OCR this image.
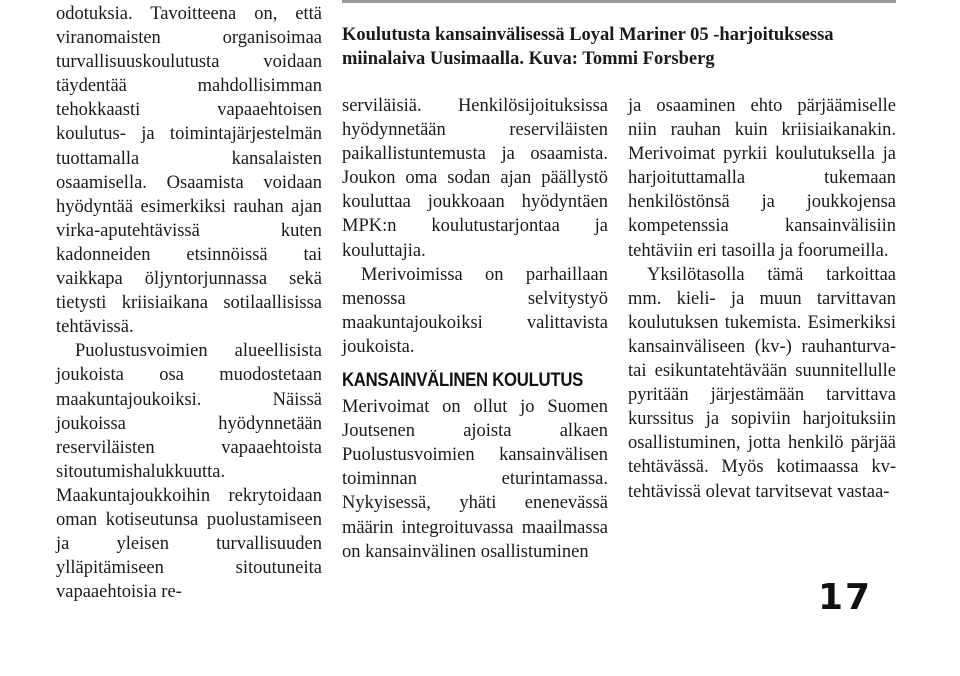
odotuksia. Tavoitteena on, että viranomaisten organisoimaa turvallisuuskoulutusta voidaan täydentää mahdollisimman tehokkaasti vapaaehtoisen koulutus- ja toimintajärjestelmän tuottamalla kansalaisten osaamisella. Osaamista voidaan hyödyntää esimerkiksi rauhan ajan virka-aputehtävissä kuten kadonneiden etsinnöissä tai vaikkapa öljyntorjunnassa sekä tietysti kriisiaikana sotilaallisissa tehtävissä.

Puolustusvoimien alueellisista joukoista osa muodostetaan maakuntajoukoiksi. Näissä joukoissa hyödynnetään reserviläisten vapaaehtoista sitoutumishalukkuutta. Maakuntajoukkoihin rekrytoidaan oman kotiseutunsa puolustamiseen ja yleisen turvallisuuden ylläpitämiseen sitoutuneita vapaaehtoisia re-

Koulutusta kansainvälisessä Loyal Mariner 05 -harjoituksessa miinalaiva Uusimaalla. Kuva: Tommi Forsberg

serviläisiä. Henkilösijoituksissa hyödynnetään reserviläisten paikallistuntemusta ja osaamista. Joukon oma sodan ajan päällystö kouluttaa joukkoaan hyödyntäen MPK:n koulutustarjontaa ja kouluttajia.

Merivoimissa on parhaillaan menossa selvitystyö maakuntajoukoiksi valittavista joukoista.

KANSAINVÄLINEN KOULUTUS

Merivoimat on ollut jo Suomen Joutsenen ajoista alkaen Puolustusvoimien kansainvälisen toiminnan eturintamassa. Nykyisessä, yhäti enenevässä määrin integroituvassa maailmassa on kansainvälinen osallistuminen

ja osaaminen ehto pärjäämiselle niin rauhan kuin kriisiaikanakin. Merivoimat pyrkii koulutuksella ja harjoituttamalla tukemaan henkilöstönsä ja joukkojensa kompetenssia kansainvälisiin tehtäviin eri tasoilla ja foorumeilla.

Yksilötasolla tämä tarkoittaa mm. kieli- ja muun tarvittavan koulutuksen tukemista. Esimerkiksi kansainväliseen (kv-) rauhanturva- tai esikuntatehtävään suunnitellulle pyritään järjestämään tarvittava kurssitus ja sopiviin harjoituksiin osallistuminen, jotta henkilö pärjää tehtävässä. Myös kotimaassa kv-tehtävissä olevat tarvitsevat vastaa-

17
